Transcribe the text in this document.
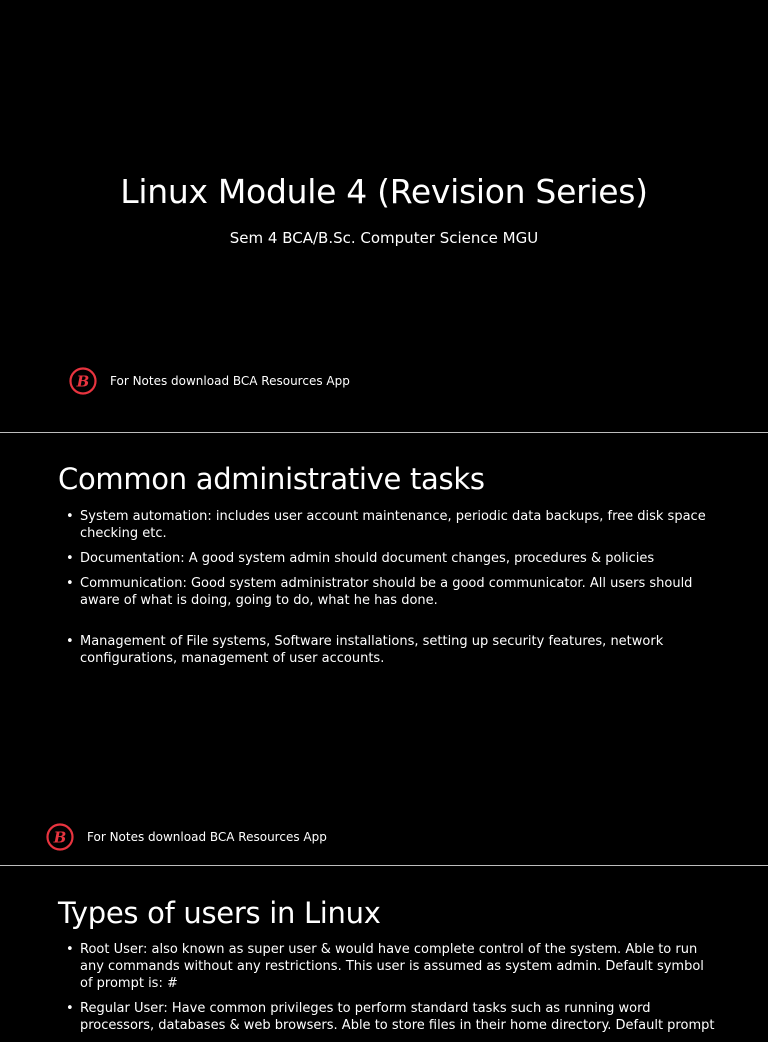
Linux Module 4 (Revision Series)

Sem 4 BCA/B.Sc. Computer Science MGU

B For Notes download BCA Resources App
Common administrative tasks
• System automation: includes user account maintenance, periodic data backups, free disk space checking etc.
• Documentation: A good system admin should document changes, procedures & policies
• Communication: Good system administrator should be a good communicator. All users should aware of what is doing, going to do, what he has done.
• Management of File systems, Software installations, setting up security features, network configurations, management of user accounts.
B For Notes download BCA Resources App
Types of users in Linux
• Root User: also known as super user & would have complete control of the system. Able to run any commands without any restrictions. This user is assumed as system admin. Default symbol of prompt is: #
• Regular User: Have common privileges to perform standard tasks such as running word processors, databases & web browsers. Able to store files in their home directory. Default prompt
